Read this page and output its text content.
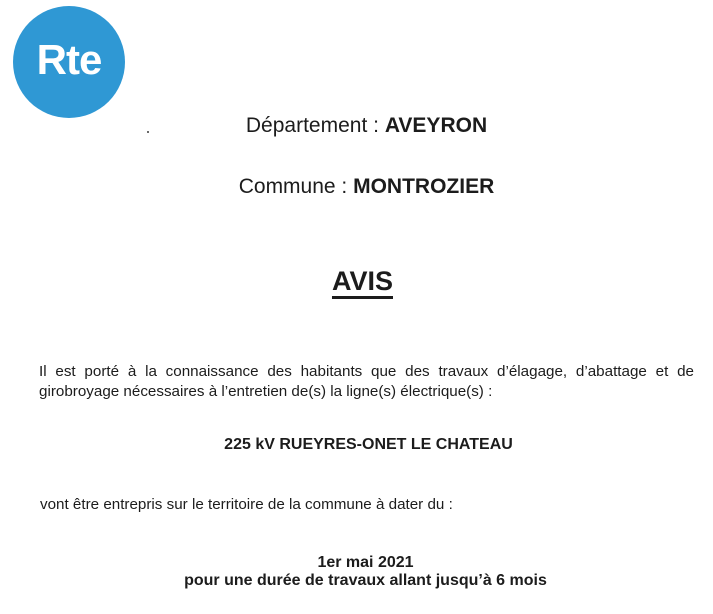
Rte
Département : AVEYRON
Commune : MONTROZIER
AVIS
Il est porté à la connaissance des habitants que des travaux d’élagage, d’abattage et de
girobroyage nécessaires à l’entretien de(s) la ligne(s) électrique(s) :
225 kV RUEYRES-ONET LE CHATEAU
vont être entrepris sur le territoire de la commune à dater du :
1er mai 2021
pour une durée de travaux allant jusqu’à 6 mois
